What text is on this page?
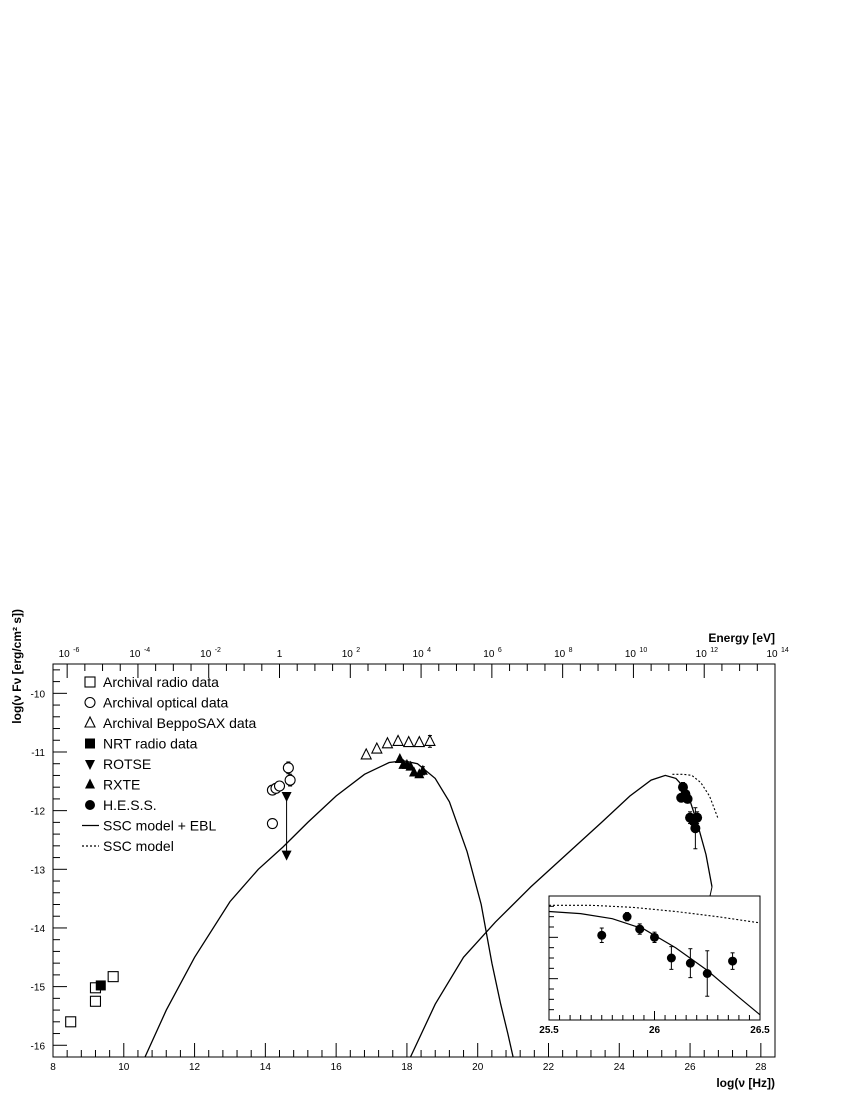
8	10	12	14	16	18	20	22	24	26	28
-10
-11
-12
-13
-14
-15
-16
10 -6	10 -4	10 -2	1	10 2	10 4	10 6	10 8	10 10	10 12	10 14
log(ν [Hz])
Energy [eV]
log(ν Fν [erg/cm² s])	Archival radio data
Archival optical data
Archival BeppoSAX data
NRT radio data
ROTSE
RXTE
H.E.S.S.
SSC model + EBL
SSC model
25.5	26	26.5
